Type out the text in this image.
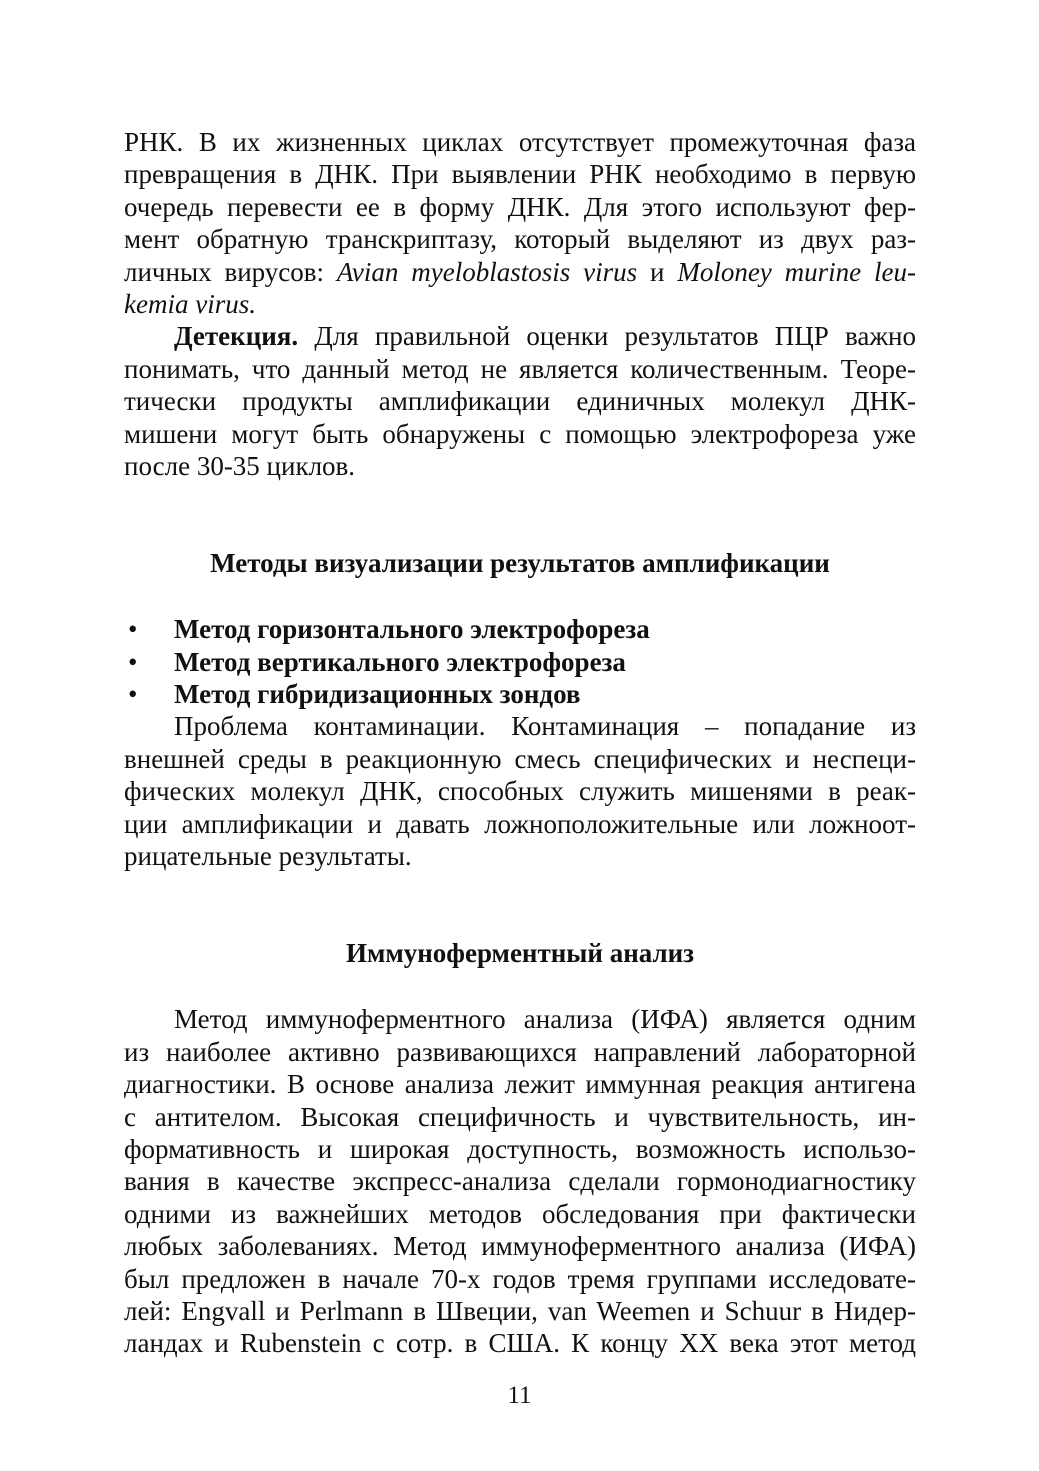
РНК. В их жизненных циклах отсутствует промежуточная фаза
превращения в ДНК. При выявлении РНК необходимо в первую
очередь перевести ее в форму ДНК. Для этого используют фер-
мент обратную транскриптазу, который выделяют из двух раз-
личных вирусов: Avian myeloblastosis virus и Moloney murine leu-
kemia virus.
Детекция. Для правильной оценки результатов ПЦР важно
понимать, что данный метод не является количественным. Теоре-
тически продукты амплификации единичных молекул ДНК-
мишени могут быть обнаружены с помощью электрофореза уже
после 30-35 циклов.
Методы визуализации результатов амплификации
• Метод горизонтального электрофореза
• Метод вертикального электрофореза
• Метод гибридизационных зондов
Проблема контаминации. Контаминация – попадание из
внешней среды в реакционную смесь специфических и неспеци-
фических молекул ДНК, способных служить мишенями в реак-
ции амплификации и давать ложноположительные или ложноот-
рицательные результаты.
Иммуноферментный анализ
Метод иммуноферментного анализа (ИФА) является одним
из наиболее активно развивающихся направлений лабораторной
диагностики. В основе анализа лежит иммунная реакция антигена
с антителом. Высокая специфичность и чувствительность, ин-
формативность и широкая доступность, возможность использо-
вания в качестве экспресс-анализа сделали гормонодиагностику
одними из важнейших методов обследования при фактически
любых заболеваниях. Метод иммуноферментного анализа (ИФА)
был предложен в начале 70-х годов тремя группами исследовате-
лей: Engvall и Perlmann в Швеции, van Weemen и Schuur в Нидер-
ландах и Rubenstein с сотр. в США. К концу XX века этот метод
11
